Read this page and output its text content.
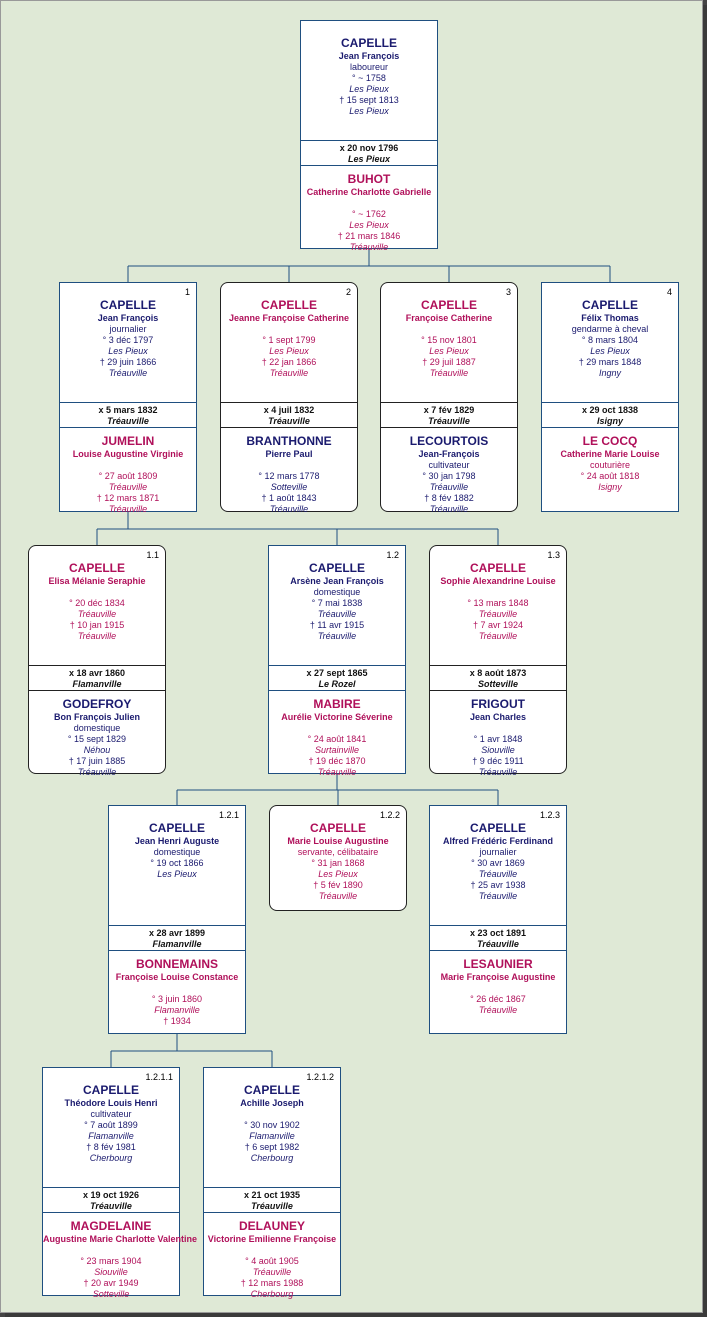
CAPELLE
Jean François
laboureur
° ~ 1758
Les Pieux
† 15 sept 1813
Les Pieux
x 20 nov 1796
Les Pieux
BUHOT
Catherine Charlotte Gabrielle
° ~ 1762
Les Pieux
† 21 mars 1846
Tréauville
1
CAPELLE
Jean François
journalier
° 3 déc 1797
Les Pieux
† 29 juin 1866
Tréauville
x 5 mars 1832
Tréauville
JUMELIN
Louise Augustine Virginie
° 27 août 1809
Tréauville
† 12 mars 1871
Tréauville
2
CAPELLE
Jeanne Françoise Catherine
° 1 sept 1799
Les Pieux
† 22 jan 1866
Tréauville
x 4 juil 1832
Tréauville
BRANTHONNE
Pierre Paul
° 12 mars 1778
Sotteville
† 1 août 1843
Tréauville
3
CAPELLE
Françoise Catherine
° 15 nov 1801
Les Pieux
† 29 juil 1887
Tréauville
x 7 fév 1829
Tréauville
LECOURTOIS
Jean-François
cultivateur
° 30 jan 1798
Tréauville
† 8 fév 1882
Tréauville
4
CAPELLE
Félix Thomas
gendarme à cheval
° 8 mars 1804
Les Pieux
† 29 mars 1848
Ingny
x 29 oct 1838
Isigny
LE COCQ
Catherine Marie Louise
couturière
° 24 août 1818
Isigny
1.1
CAPELLE
Elisa Mélanie Seraphie
° 20 déc 1834
Tréauville
† 10 jan 1915
Tréauville
x 18 avr 1860
Flamanville
GODEFROY
Bon François Julien
domestique
° 15 sept 1829
Néhou
† 17 juin 1885
Tréauville
1.2
CAPELLE
Arsène Jean François
domestique
° 7 mai 1838
Tréauville
† 11 avr 1915
Tréauville
x 27 sept 1865
Le Rozel
MABIRE
Aurélie Victorine Séverine
° 24 août 1841
Surtainville
† 19 déc 1870
Tréauville
1.3
CAPELLE
Sophie Alexandrine Louise
° 13 mars 1848
Tréauville
† 7 avr 1924
Tréauville
x 8 août 1873
Sotteville
FRIGOUT
Jean Charles
° 1 avr 1848
Siouville
† 9 déc 1911
Tréauville
1.2.1
CAPELLE
Jean Henri Auguste
domestique
° 19 oct 1866
Les Pieux
x 28 avr 1899
Flamanville
BONNEMAINS
Françoise Louise Constance
° 3 juin 1860
Flamanville
† 1934
1.2.2
CAPELLE
Marie Louise Augustine
servante, célibataire
° 31 jan 1868
Les Pieux
† 5 fév 1890
Tréauville
1.2.3
CAPELLE
Alfred Frédéric Ferdinand
journalier
° 30 avr 1869
Tréauville
† 25 avr 1938
Tréauville
x 23 oct 1891
Tréauville
LESAUNIER
Marie Françoise Augustine
° 26 déc 1867
Tréauville
1.2.1.1
CAPELLE
Théodore Louis Henri
cultivateur
° 7 août 1899
Flamanville
† 8 fév 1981
Cherbourg
x 19 oct 1926
Tréauville
MAGDELAINE
Augustine Marie Charlotte Valentine
° 23 mars 1904
Siouville
† 20 avr 1949
Sotteville
1.2.1.2
CAPELLE
Achille Joseph
° 30 nov 1902
Flamanville
† 6 sept 1982
Cherbourg
x 21 oct 1935
Tréauville
DELAUNEY
Victorine Emilienne Françoise
° 4 août 1905
Tréauville
† 12 mars 1988
Cherbourg
